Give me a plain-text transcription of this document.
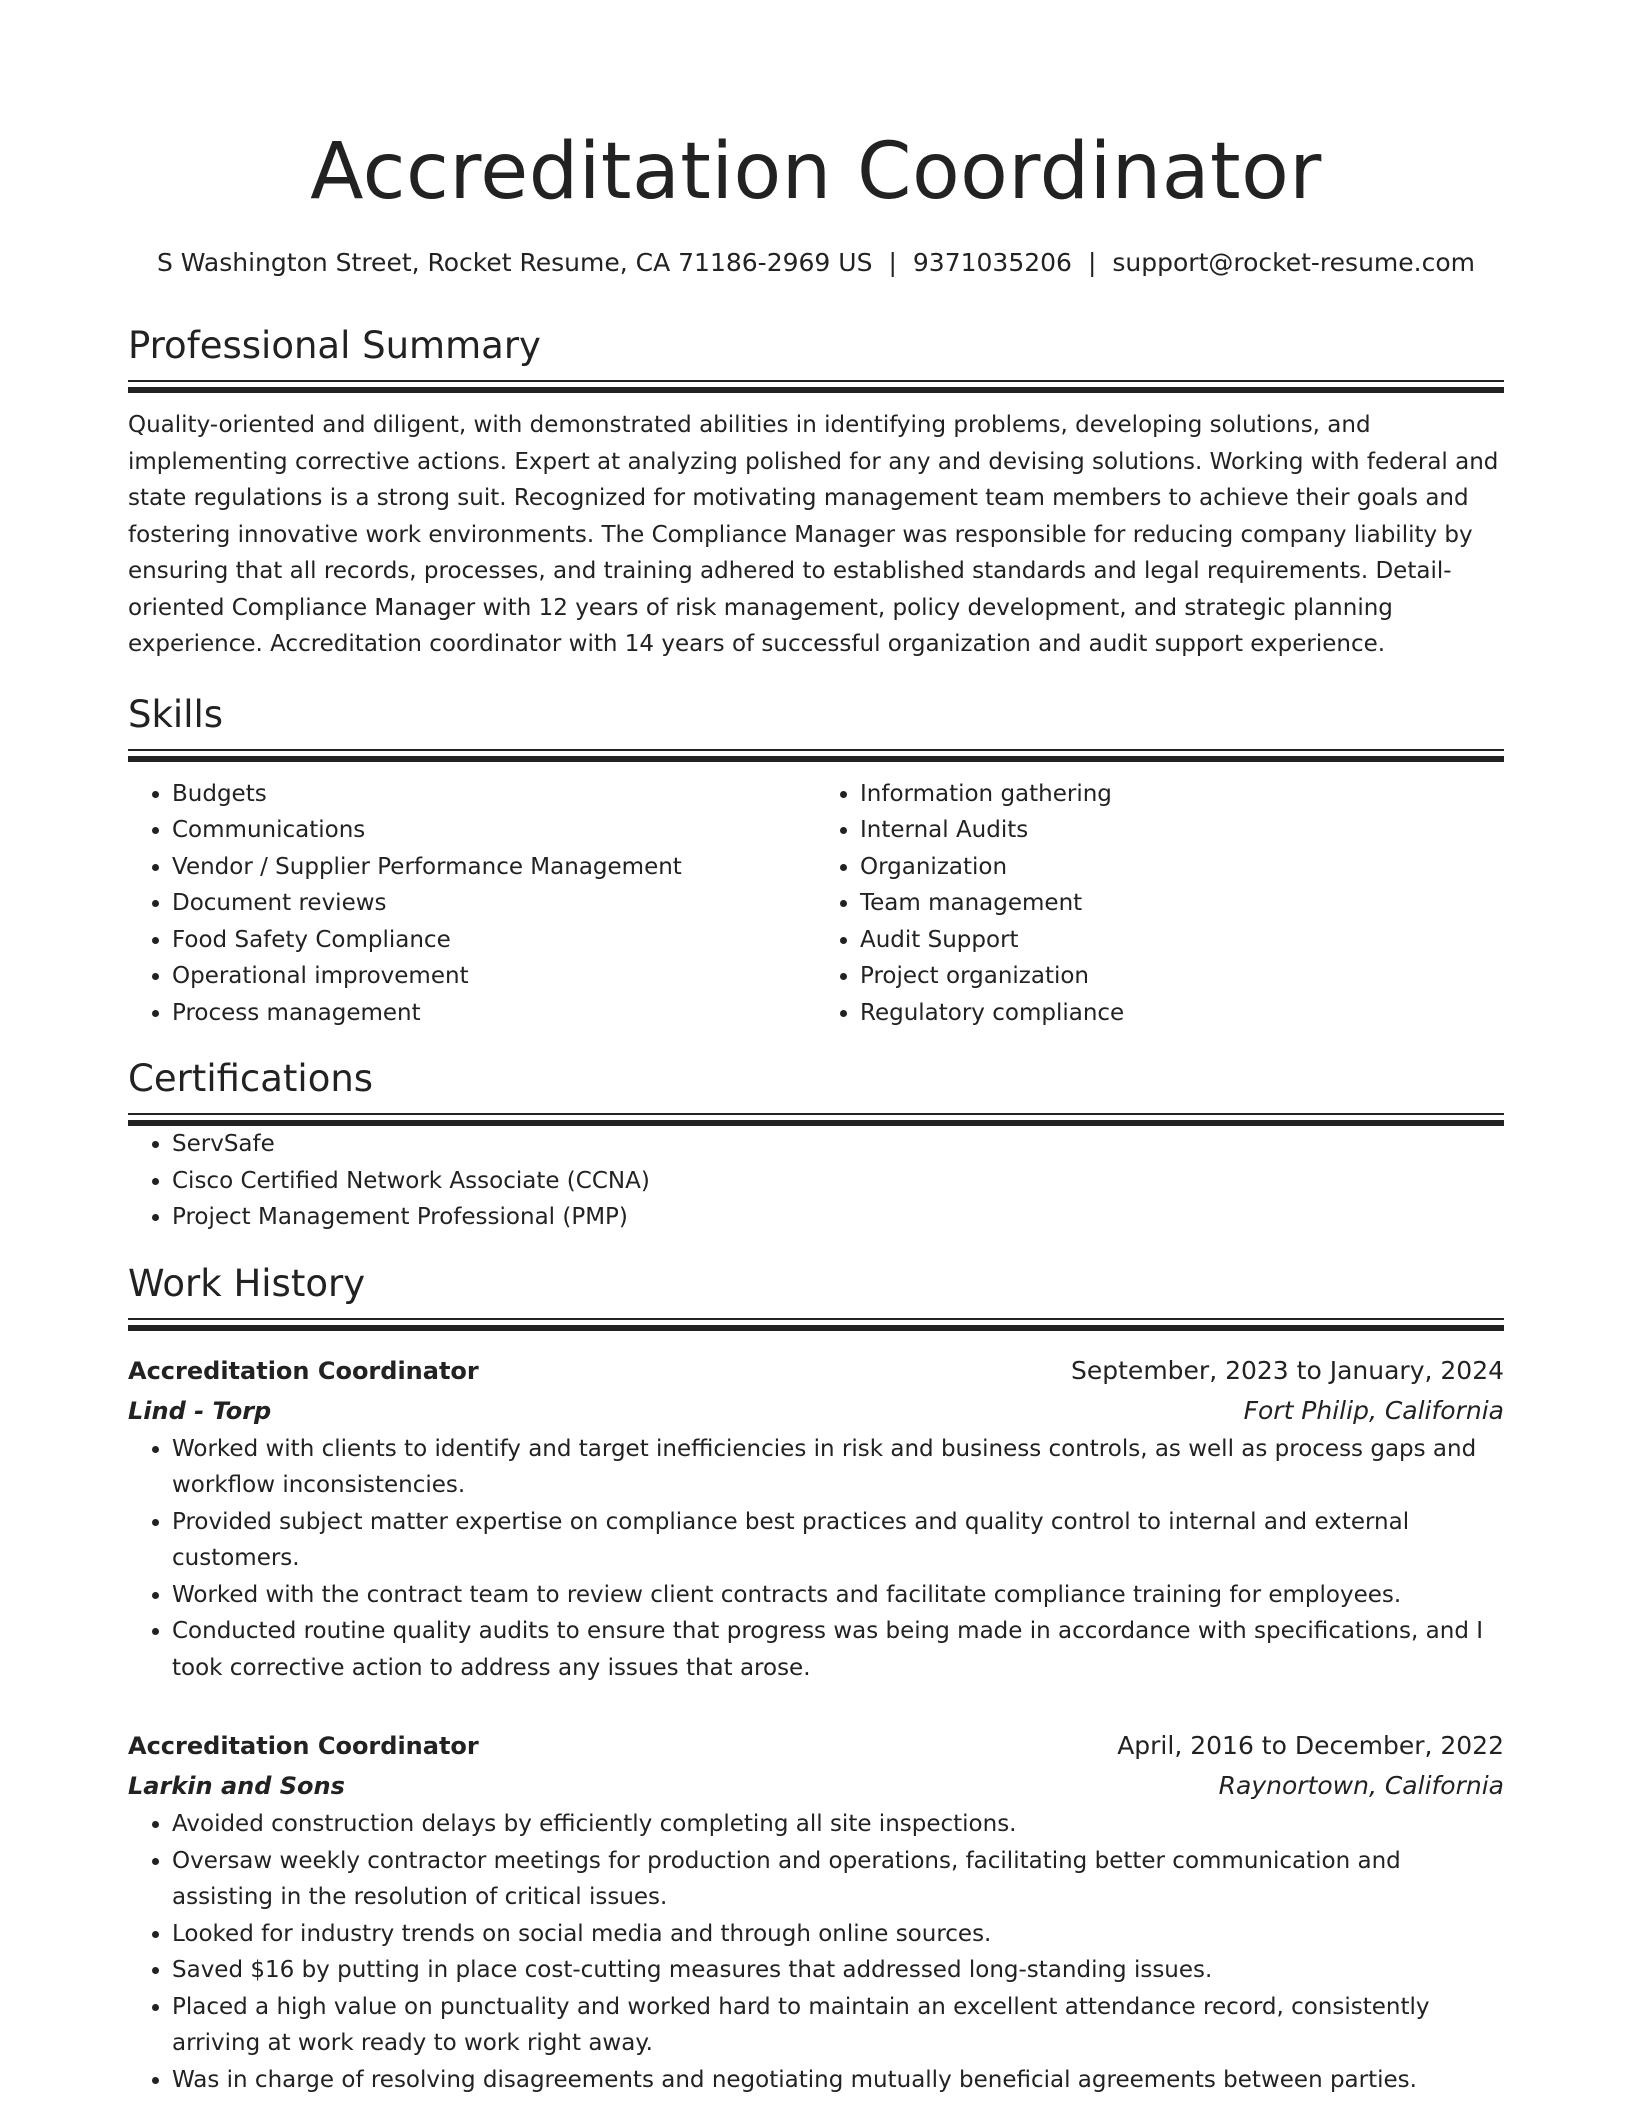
Accreditation Coordinator
S Washington Street, Rocket Resume, CA 71186-2969 US | 9371035206 | support@rocket-resume.com
Professional Summary
Quality-oriented and diligent, with demonstrated abilities in identifying problems, developing solutions, and implementing corrective actions. Expert at analyzing polished for any and devising solutions. Working with federal and state regulations is a strong suit. Recognized for motivating management team members to achieve their goals and fostering innovative work environments. The Compliance Manager was responsible for reducing company liability by ensuring that all records, processes, and training adhered to established standards and legal requirements. Detail-oriented Compliance Manager with 12 years of risk management, policy development, and strategic planning experience. Accreditation coordinator with 14 years of successful organization and audit support experience.
Skills
• Budgets
• Communications
• Vendor / Supplier Performance Management
• Document reviews
• Food Safety Compliance
• Operational improvement
• Process management
• Information gathering
• Internal Audits
• Organization
• Team management
• Audit Support
• Project organization
• Regulatory compliance
Certifications
• ServSafe
• Cisco Certified Network Associate (CCNA)
• Project Management Professional (PMP)
Work History
Accreditation Coordinator	September, 2023 to January, 2024
Lind - Torp	Fort Philip, California
• Worked with clients to identify and target inefficiencies in risk and business controls, as well as process gaps and workflow inconsistencies.
• Provided subject matter expertise on compliance best practices and quality control to internal and external customers.
• Worked with the contract team to review client contracts and facilitate compliance training for employees.
• Conducted routine quality audits to ensure that progress was being made in accordance with specifications, and I took corrective action to address any issues that arose.
Accreditation Coordinator	April, 2016 to December, 2022
Larkin and Sons	Raynortown, California
• Avoided construction delays by efficiently completing all site inspections.
• Oversaw weekly contractor meetings for production and operations, facilitating better communication and assisting in the resolution of critical issues.
• Looked for industry trends on social media and through online sources.
• Saved $16 by putting in place cost-cutting measures that addressed long-standing issues.
• Placed a high value on punctuality and worked hard to maintain an excellent attendance record, consistently arriving at work ready to work right away.
• Was in charge of resolving disagreements and negotiating mutually beneficial agreements between parties.
